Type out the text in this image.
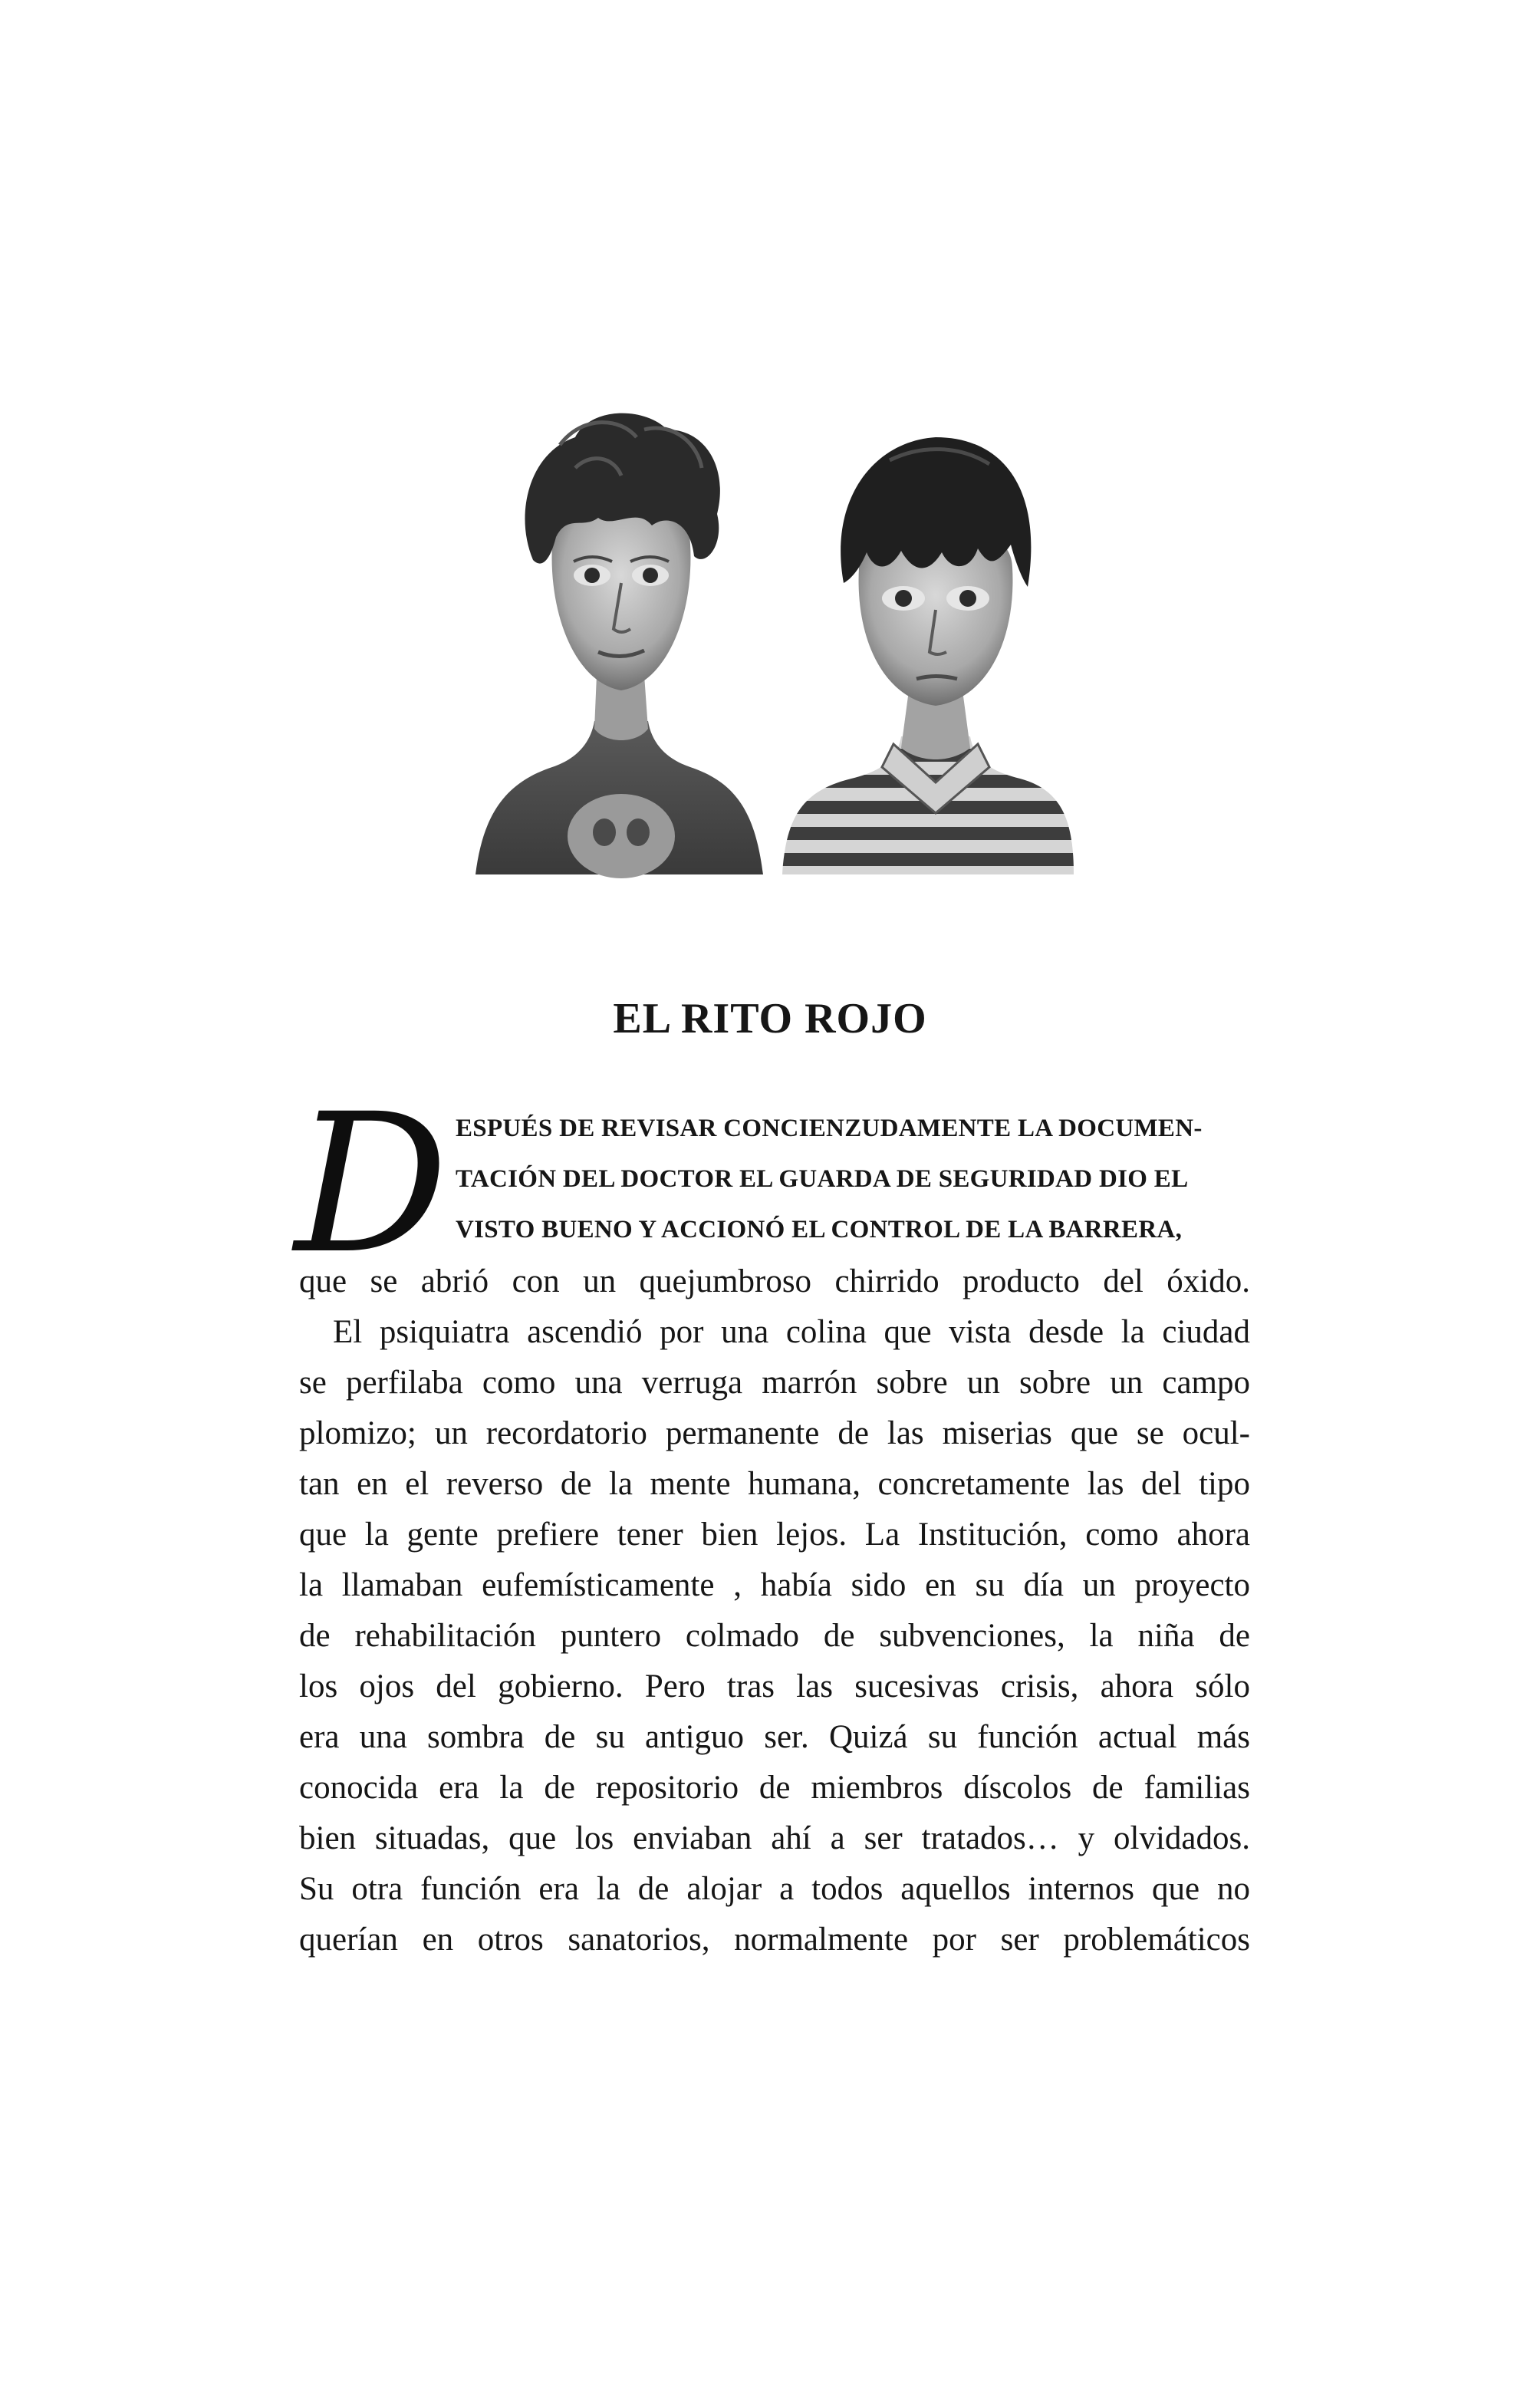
EL RITO ROJO
D ESPUÉS DE REVISAR CONCIENZUDAMENTE LA DOCUMEN-
TACIÓN DEL DOCTOR EL GUARDA DE SEGURIDAD DIO EL
VISTO BUENO Y ACCIONÓ EL CONTROL DE LA BARRERA,
que se abrió con un quejumbroso chirrido producto del óxido.
El psiquiatra ascendió por una colina que vista desde la ciudad
se perfilaba como una verruga marrón sobre un sobre un campo
plomizo; un recordatorio permanente de las miserias que se ocul-
tan en el reverso de la mente humana, concretamente las del tipo
que la gente prefiere tener bien lejos. La Institución, como ahora
la llamaban eufemísticamente , había sido en su día un proyecto
de rehabilitación puntero colmado de subvenciones, la niña de
los ojos del gobierno. Pero tras las sucesivas crisis, ahora sólo
era una sombra de su antiguo ser. Quizá su función actual más
conocida era la de repositorio de miembros díscolos de familias
bien situadas, que los enviaban ahí a ser tratados… y olvidados.
Su otra función era la de alojar a todos aquellos internos que no
querían en otros sanatorios, normalmente por ser problemáticos
